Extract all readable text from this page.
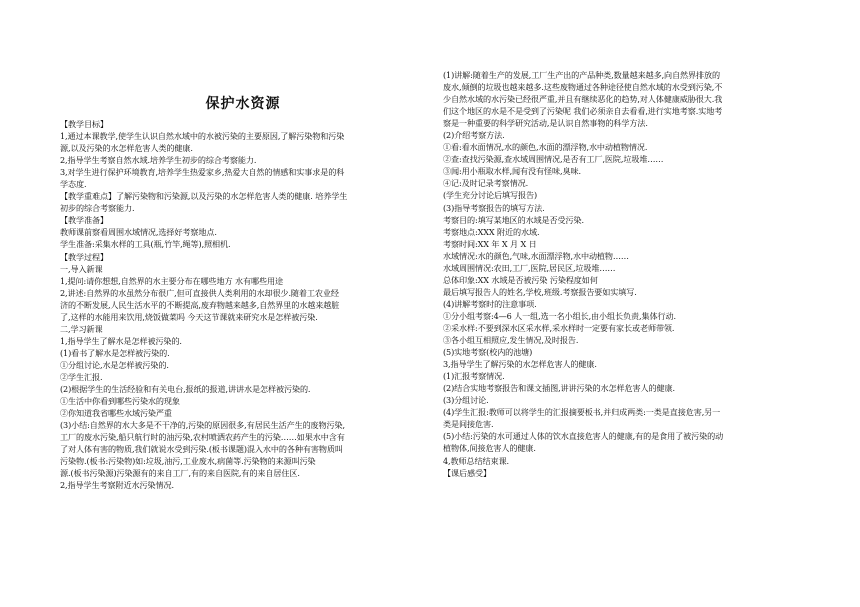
保护水资源
【教学目标】
1,通过本课教学,使学生认识自然水域中的水被污染的主要原因,了解污染物和污染
源,以及污染的水怎样危害人类的健康.
2,指导学生考察自然水域.培养学生初步的综合考察能力.
3,对学生进行保护环境教育,培养学生热爱家乡,热爱大自然的情感和实事求是的科
学态度.
【教学重难点】了解污染物和污染源,以及污染的水怎样危害人类的健康. 培养学生
初步的综合考察能力.
【教学准备】
教师课前察看周围水域情况,选择好考察地点.
学生准备:采集水样的工具(瓶,竹竿,绳等),照相机.
【教学过程】
一,导入新课
1,提问:请你想想,自然界的水主要分布在哪些地方 水有哪些用途
2,讲述:自然界的水虽然分布很广,但可直接供人类利用的水却很少.随着工农业经
济的不断发展,人民生活水平的不断提高,废弃物越来越多,自然界里的水越来越脏
了,这样的水能用来饮用,烧饭做菜吗 今天这节课就来研究水是怎样被污染.
二,学习新课
1,指导学生了解水是怎样被污染的.
(1)看书了解水是怎样被污染的.
①分组讨论,水是怎样被污染的.
②学生汇报.
(2)根据学生的生活经验和有关电台,报纸的报道,讲讲水是怎样被污染的.
①生活中你看到哪些污染水的现象
②你知道我省哪些水域污染严重
(3)小结:自然界的水大多是不干净的,污染的原因很多,有居民生活产生的废物污染,
工厂的废水污染,船只航行时的油污染,农村喷洒农药产生的污染……如果水中含有
了对人体有害的物质,我们就说水受到污染.(板书课题)混入水中的各种有害物质叫
污染物.(板书:污染物)如:垃圾,油污,工业废水,病菌等.污染物的来源叫污染
源.(板书污染源)污染源有的来自工厂,有的来自医院,有的来自居住区.
2,指导学生考察附近水污染情况.
(1)讲解:随着生产的发展,工厂生产出的产品种类,数量越来越多,向自然界排放的
废水,倾倒的垃圾也越来越多.这些废物通过各种途径使自然水域的水受到污染,不
少自然水域的水污染已经很严重,并且有继续恶化的趋势,对人体健康威胁很大.我
们这个地区的水是不是受到了污染呢 我们必须亲自去看看,进行实地考察.实地考
察是一种重要的科学研究活动,是认识自然事物的科学方法.
(2)介绍考察方法.
①看:看水面情况,水的颜色,水面的漂浮物,水中动植物情况.
②查:查找污染源,查水域周围情况,是否有工厂,医院,垃圾堆……
③闻:用小瓶取水样,闻有没有怪味,臭味.
④记:及时记录考察情况.
(学生充分讨论后填写报告)
(3)指导考察报告的填写方法.
考察目的:填写某地区的水域是否受污染.
考察地点:XXX 附近的水域.
考察时间:XX 年 X 月 X 日
水域情况:水的颜色,气味,水面漂浮物,水中动植物……
水域周围情况:农田,工厂,医院,居民区,垃圾堆……
总体印象:XX 水域是否被污染 污染程度如何
最后填写报告人的姓名,学校,班级.考察报告要如实填写.
(4)讲解考察时的注意事项.
①分小组考察:4—6 人一组,选一名小组长,由小组长负责,集体行动.
②采水样:不要到深水区采水样,采水样时一定要有家长或老师带领.
③各小组互相照应,发生情况,及时报告.
(5)实地考察(校内的池塘)
3,指导学生了解污染的水怎样危害人的健康.
(1)汇报考察情况.
(2)结合实地考察报告和课文插图,讲讲污染的水怎样危害人的健康.
(3)分组讨论.
(4)学生汇报:教师可以将学生的汇报摘要板书,并归成两类:一类是直接危害,另一
类是间接危害.
(5)小结:污染的水可通过人体的饮水直接危害人的健康,有的是食用了被污染的动
植物体,间接危害人的健康.
4,教师总结结束课.
【课后感受】
